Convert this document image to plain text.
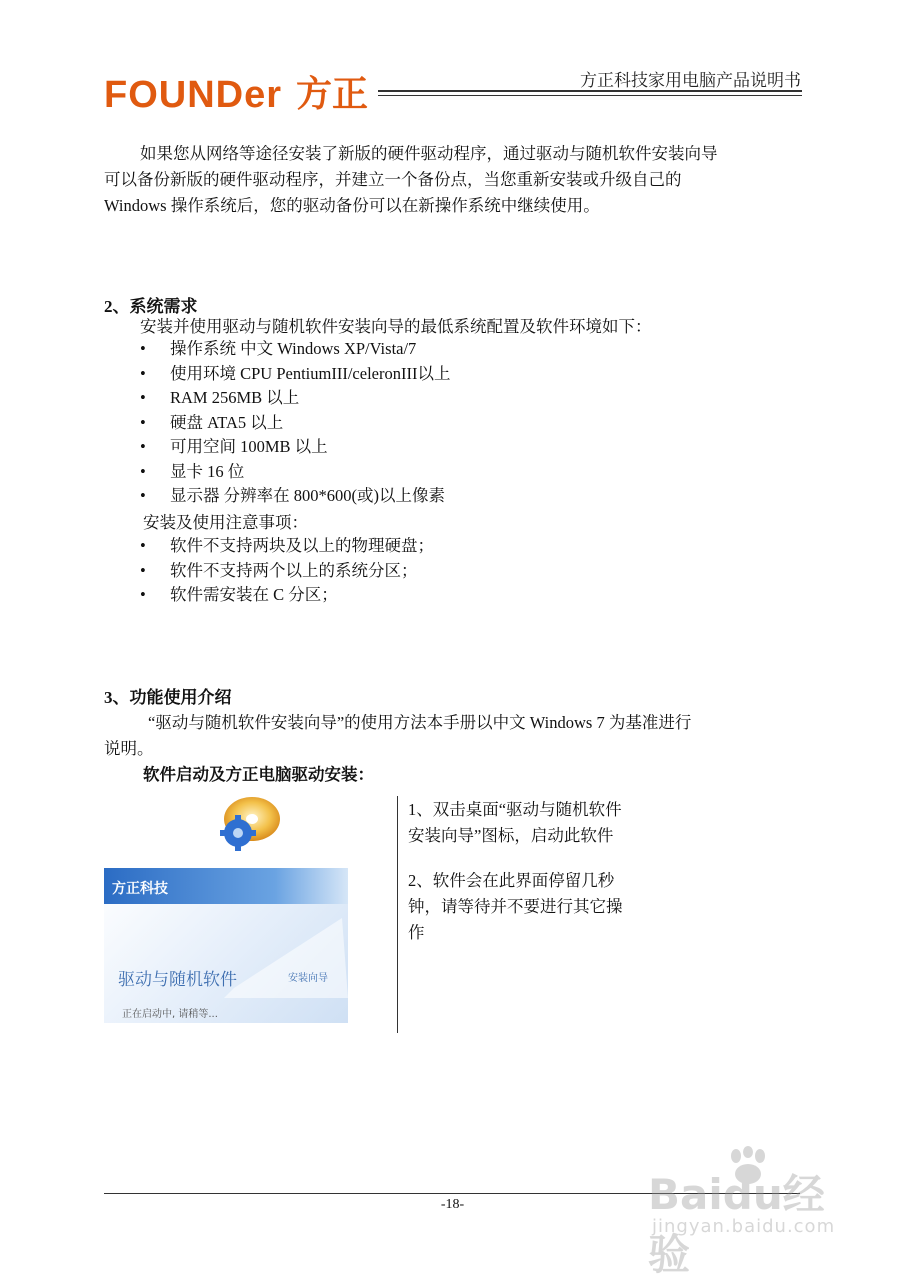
FOUNDer 方正	方正科技家用电脑产品说明书
如果您从网络等途径安装了新版的硬件驱动程序，通过驱动与随机软件安装向导
可以备份新版的硬件驱动程序，并建立一个备份点，当您重新安装或升级自己的
Windows 操作系统后，您的驱动备份可以在新操作系统中继续使用。
2、系统需求
安装并使用驱动与随机软件安装向导的最低系统配置及软件环境如下：
• 操作系统 中文 Windows XP/Vista/7
• 使用环境 CPU PentiumIII/celeronIII以上
• RAM 256MB 以上
• 硬盘 ATA5 以上
• 可用空间 100MB 以上
• 显卡 16 位
• 显示器 分辨率在 800*600(或)以上像素
安装及使用注意事项：
• 软件不支持两块及以上的物理硬盘；
• 软件不支持两个以上的系统分区；
• 软件需安装在 C 分区；
3、功能使用介绍
“驱动与随机软件安装向导”的使用方法本手册以中文 Windows 7 为基准进行
说明。
软件启动及方正电脑驱动安装：
方正科技
驱动与随机软件	安装向导
正在启动中, 请稍等...
1、双击桌面“驱动与随机软件
安装向导”图标，启动此软件
2、软件会在此界面停留几秒
钟，请等待并不要进行其它操
作
-18-	Baidu经验
jingyan.baidu.com
